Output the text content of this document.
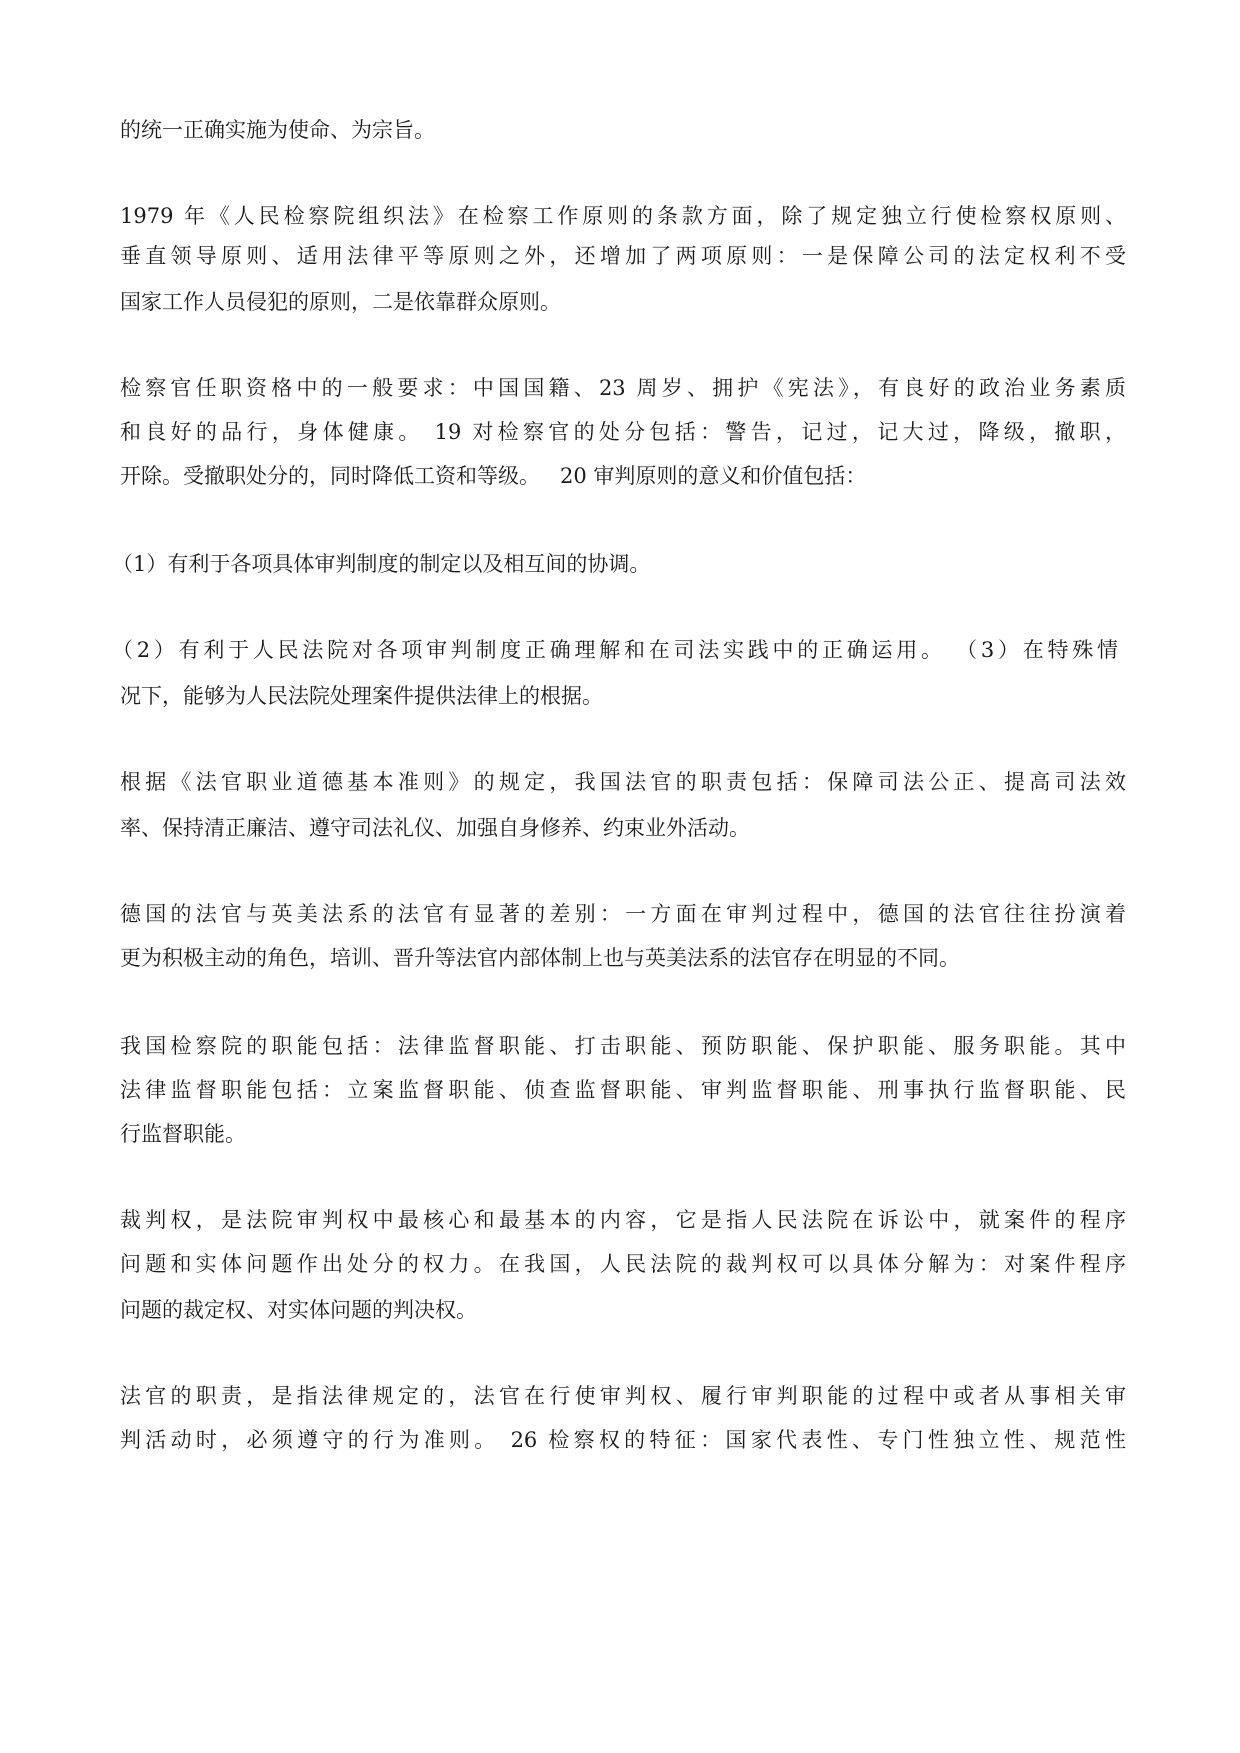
的统一正确实施为使命、为宗旨。

1979 年《人民检察院组织法》在检察工作原则的条款方面，除了规定独立行使检察权原则、

垂直领导原则、适用法律平等原则之外，还增加了两项原则：一是保障公司的法定权利不受

国家工作人员侵犯的原则，二是依靠群众原则。

检察官任职资格中的一般要求：中国国籍、23 周岁、拥护《宪法》，有良好的政治业务素质

和良好的品行，身体健康。 19 对检察官的处分包括：警告，记过，记大过，降级，撤职，

开除。受撤职处分的，同时降低工资和等级。   20 审判原则的意义和价值包括：

（1）有利于各项具体审判制度的制定以及相互间的协调。

（2）有利于人民法院对各项审判制度正确理解和在司法实践中的正确运用。 （3）在特殊情

况下，能够为人民法院处理案件提供法律上的根据。

根据《法官职业道德基本准则》的规定，我国法官的职责包括：保障司法公正、提高司法效

率、保持清正廉洁、遵守司法礼仪、加强自身修养、约束业外活动。

德国的法官与英美法系的法官有显著的差别：一方面在审判过程中，德国的法官往往扮演着

更为积极主动的角色，培训、晋升等法官内部体制上也与英美法系的法官存在明显的不同。

我国检察院的职能包括：法律监督职能、打击职能、预防职能、保护职能、服务职能。其中

法律监督职能包括：立案监督职能、侦查监督职能、审判监督职能、刑事执行监督职能、民

行监督职能。

裁判权，是法院审判权中最核心和最基本的内容，它是指人民法院在诉讼中，就案件的程序

问题和实体问题作出处分的权力。在我国，人民法院的裁判权可以具体分解为：对案件程序

问题的裁定权、对实体问题的判决权。

法官的职责，是指法律规定的，法官在行使审判权、履行审判职能的过程中或者从事相关审

判活动时，必须遵守的行为准则。 26 检察权的特征：国家代表性、专门性独立性、规范性
